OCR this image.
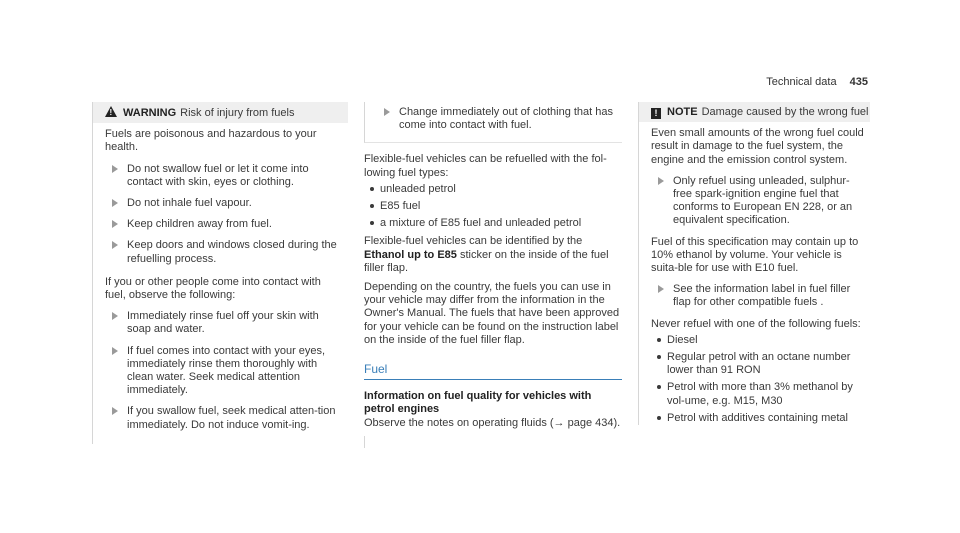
Technical data 435
!WARNING Risk of injury from fuels

Fuels are poisonous and hazardous to your health.

Do not swallow fuel or let it come into contact with skin, eyes or clothing.
Do not inhale fuel vapour.
Keep children away from fuel.
Keep doors and windows closed during the refuelling process.

If you or other people come into contact with fuel, observe the following:

Immediately rinse fuel off your skin with soap and water.
If fuel comes into contact with your eyes, immediately rinse them thoroughly with clean water. Seek medical attention immediately.
If you swallow fuel, seek medical atten-tion immediately. Do not induce vomit-ing.
Change immediately out of clothing that has come into contact with fuel.

Flexible-fuel vehicles can be refuelled with the fol-lowing fuel types:

unleaded petrol
E85 fuel
a mixture of E85 fuel and unleaded petrol

Flexible-fuel vehicles can be identified by the
Ethanol up to E85 sticker on the inside of the fuel filler flap.

Depending on the country, the fuels you can use in your vehicle may differ from the information in the Owner's Manual. The fuels that have been approved for your vehicle can be found on the instruction label on the inside of the fuel filler flap.

Fuel
Information on fuel quality for vehicles with petrol engines

Observe the notes on operating fluids (→ page 434).

! NOTE Damage caused by the wrong fuel

Even small amounts of the wrong fuel could result in damage to the fuel system, the engine and the emission control system.

Only refuel using unleaded, sulphur-free spark-ignition engine fuel that conforms to European EN 228, or an equivalent specification.

Fuel of this specification may contain up to 10% ethanol by volume. Your vehicle is suita-ble for use with E10 fuel.

See the information label in fuel filler flap for other compatible fuels .

Never refuel with one of the following fuels:

Diesel
Regular petrol with an octane number lower than 91 RON
Petrol with more than 3% methanol by vol-ume, e.g. M15, M30
Petrol with additives containing metal
